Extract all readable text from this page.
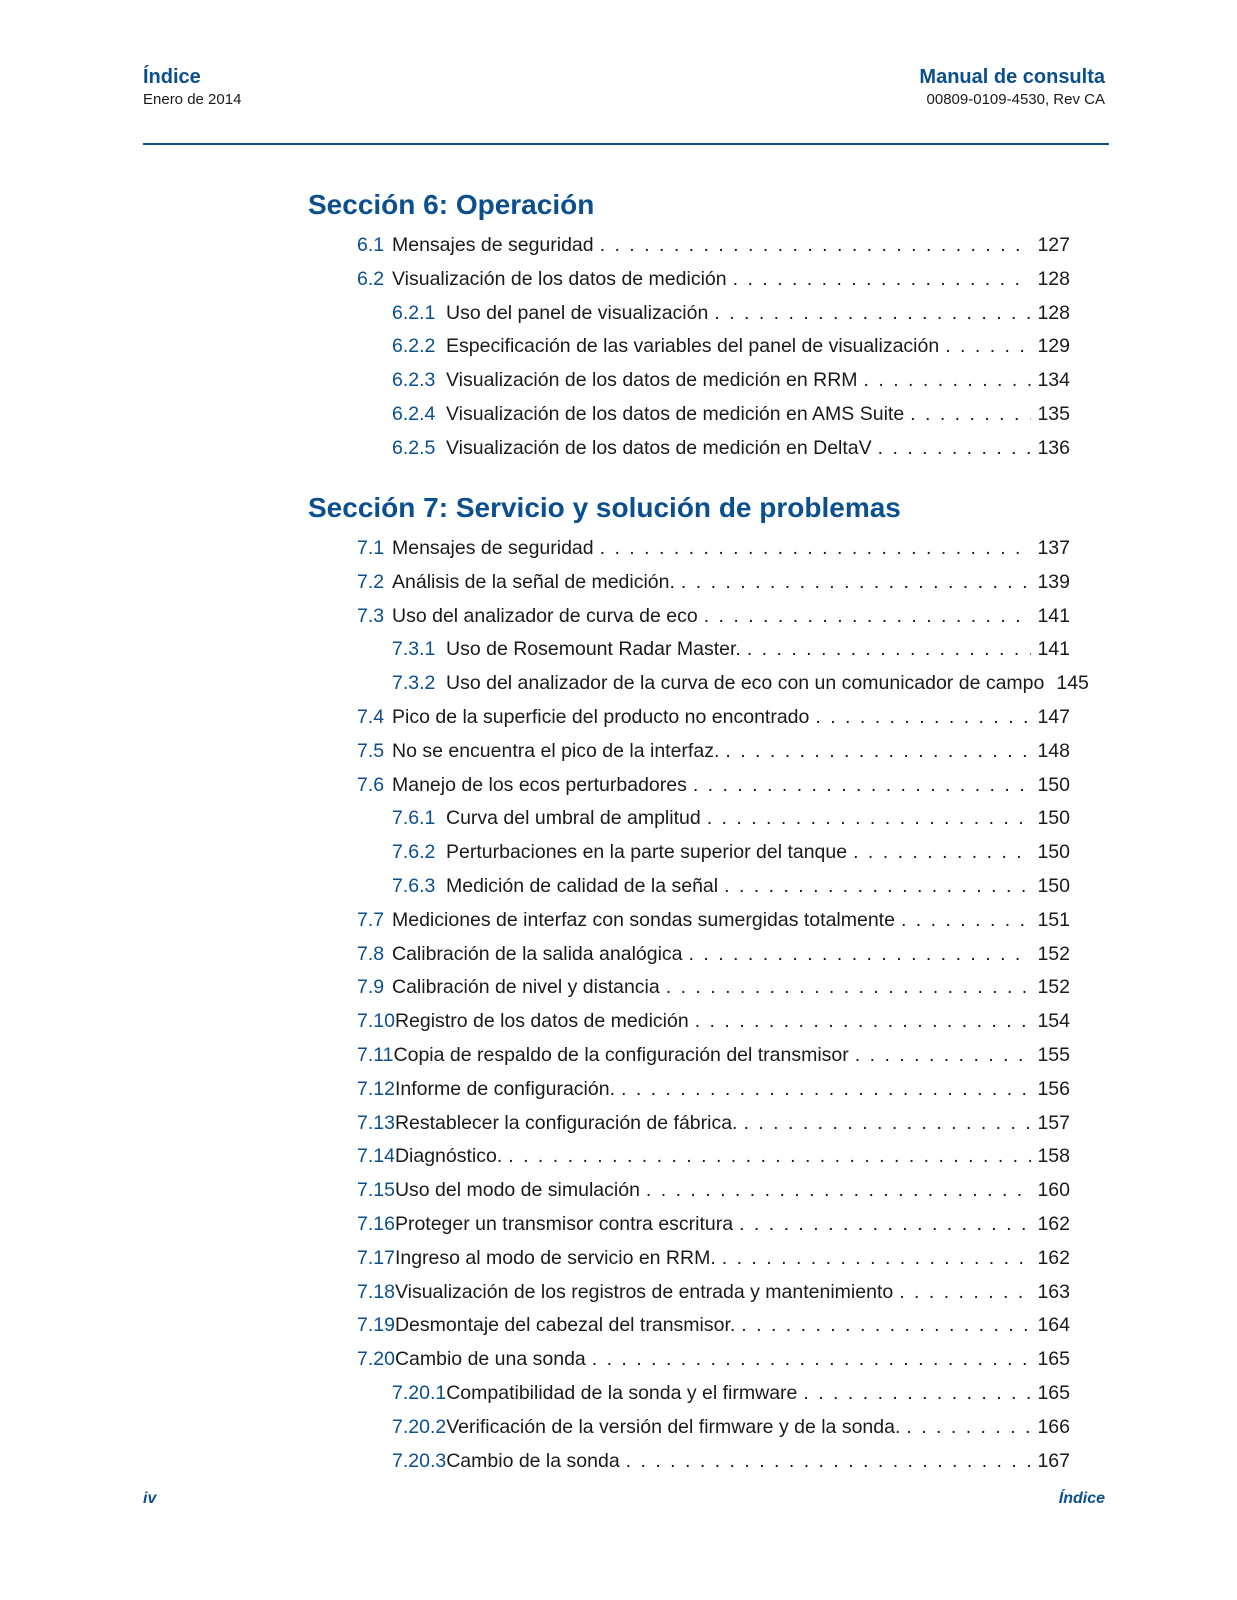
Índice
Enero de 2014
Manual de consulta
00809-0109-4530, Rev CA
Sección 6: Operación
6.1 Mensajes de seguridad . . .	127
6.2 Visualización de los datos de medición . . .	128
6.2.1 Uso del panel de visualización . . .	128
6.2.2 Especificación de las variables del panel de visualización . . .	129
6.2.3 Visualización de los datos de medición en RRM . . .	134
6.2.4 Visualización de los datos de medición en AMS Suite . . .	135
6.2.5 Visualización de los datos de medición en DeltaV . . .	136
Sección 7: Servicio y solución de problemas
7.1 Mensajes de seguridad . . .	137
7.2 Análisis de la señal de medición. . . .	139
7.3 Uso del analizador de curva de eco . . .	141
7.3.1 Uso de Rosemount Radar Master. . . .	141
7.3.2 Uso del analizador de la curva de eco con un comunicador de campo 145
7.4 Pico de la superficie del producto no encontrado . . .	147
7.5 No se encuentra el pico de la interfaz. . . .	148
7.6 Manejo de los ecos perturbadores . . .	150
7.6.1 Curva del umbral de amplitud . . .	150
7.6.2 Perturbaciones en la parte superior del tanque . . .	150
7.6.3 Medición de calidad de la señal . . .	150
7.7 Mediciones de interfaz con sondas sumergidas totalmente . . .	151
7.8 Calibración de la salida analógica . . .	152
7.9 Calibración de nivel y distancia . . .	152
7.10 Registro de los datos de medición . . .	154
7.11 Copia de respaldo de la configuración del transmisor . . .	155
7.12 Informe de configuración. . . .	156
7.13 Restablecer la configuración de fábrica. . . .	157
7.14 Diagnóstico. . . .	158
7.15 Uso del modo de simulación . . .	160
7.16 Proteger un transmisor contra escritura . . .	162
7.17 Ingreso al modo de servicio en RRM. . . .	162
7.18 Visualización de los registros de entrada y mantenimiento . . .	163
7.19 Desmontaje del cabezal del transmisor. . . .	164
7.20 Cambio de una sonda . . .	165
7.20.1 Compatibilidad de la sonda y el firmware . . .	165
7.20.2 Verificación de la versión del firmware y de la sonda. . . .	166
7.20.3 Cambio de la sonda . . .	167
iv	Índice
